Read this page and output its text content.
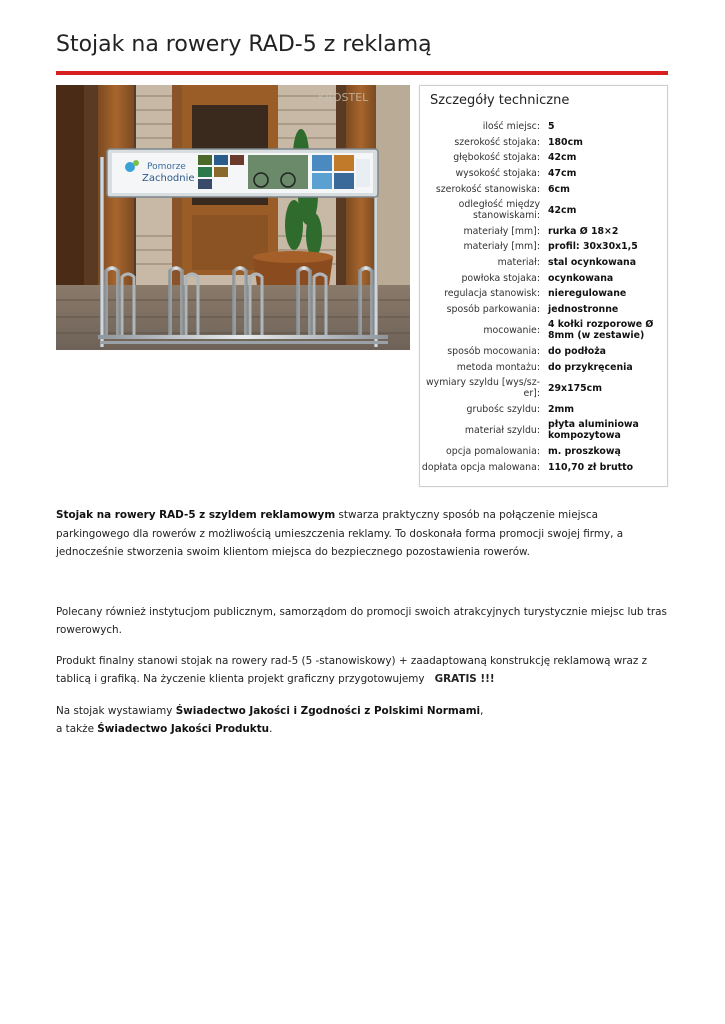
Stojak na rowery RAD-5 z reklamą
Pomorze
Zachodnie
KROSTEL	Szczegóły techniczne
ilość miejsc:	5
szerokość stojaka:	180cm
głębokość stojaka:	42cm
wysokość stojaka:	47cm
szerokość stanowiska:	6cm
odległość między stanowiskami:	42cm
materiały [mm]:	rurka Ø 18×2
materiały [mm]:	profil: 30x30x1,5
materiał:	stal ocynkowana
powłoka stojaka:	ocynkowana
regulacja stanowisk:	nieregulowane
sposób parkowania:	jednostronne
mocowanie:	4 kołki rozporowe Ø 8mm (w zestawie)
sposób mocowania:	do podłoża
metoda montażu:	do przykręcenia
wymiary szyldu [wys/sz-er]:	29x175cm
grubośc szyldu:	2mm
materiał szyldu:	płyta aluminiowa kompozytowa
opcja pomalowania:	m. proszkową
dopłata opcja malowana:	110,70 zł brutto

Stojak na rowery RAD-5 z szyldem reklamowym stwarza praktyczny sposób na połączenie miejsca parkingowego dla rowerów z możliwością umieszczenia reklamy. To doskonała forma promocji swojej firmy, a jednocześnie stworzenia swoim klientom miejsca do bezpiecznego pozostawienia rowerów.

Polecany również instytucjom publicznym, samorządom do promocji swoich atrakcyjnych turystycznie miejsc lub tras rowerowych.

Produkt finalny stanowi stojak na rowery rad-5 (5 -stanowiskowy) + zaadaptowaną konstrukcję reklamową wraz z tablicą i grafiką. Na życzenie klienta projekt graficzny przygotowujemy GRATIS !!!

Na stojak wystawiamy Świadectwo Jakości i Zgodności z Polskimi Normami,
a także Świadectwo Jakości Produktu.
